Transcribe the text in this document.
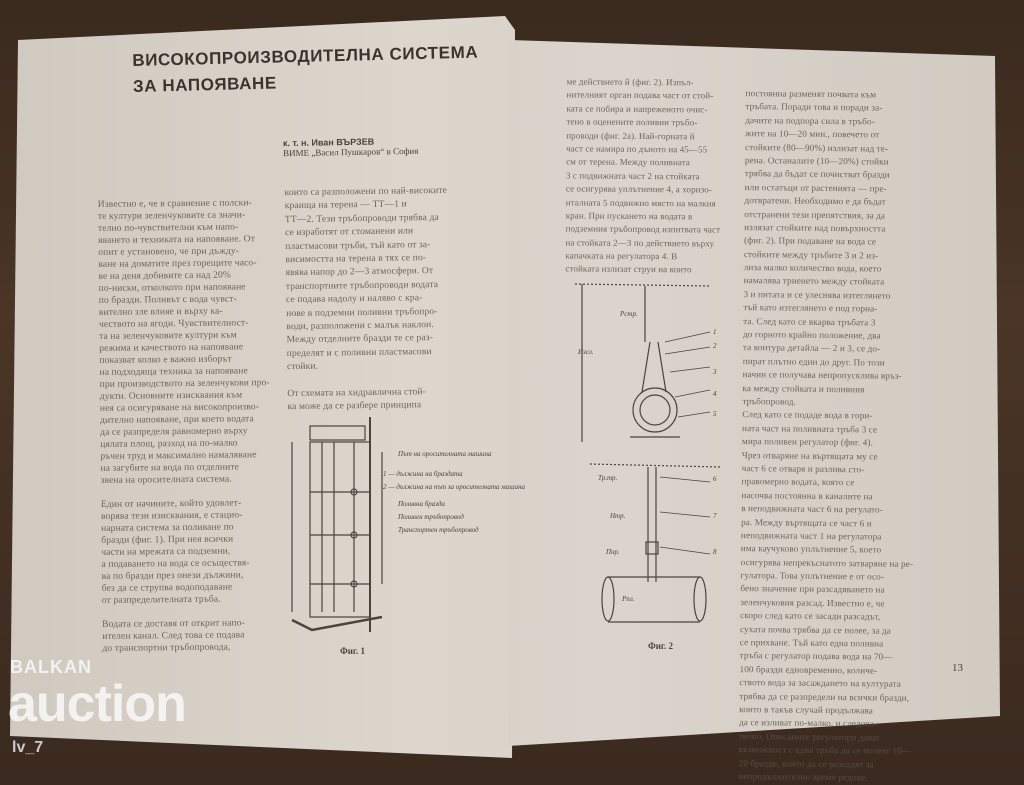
ВИСОКОПРОИЗВОДИТЕЛНА СИСТЕМА
ЗА НАПОЯВАНЕ
к. т. н. Иван ВЪРЗЕВ
ВИМЕ „Васил Пушкаров“ в София
Известно е, че в сравнение с полски-
те култури зеленчуковите са значи-
телно по-чувствителни към напо-
яването и техниката на напояване. От
опит е установено, че при дъжду-
ване на доматите през горещите часо-
ве на деня добивите са над 20%
по-ниски, отколкото при напояване
по бразди. Поливът с вода чувст-
вително зле влияе и върху ка-
чеството на ягоди. Чувствителност-
та на зеленчуковите култури към
режима и качеството на напояване
показват колко е важно изборът
на подходяща техника за напояване
при производството на зеленчукови про-
дукти. Основните изисквания към
нея са осигуряване на високопроизво-
дително напояване, при което водата
да се разпределя равномерно върху
цялата площ, разход на по-малко
ръчен труд и максимално намаляване
на загубите на вода по отделните
звена на оросителната система.
Един от начините, който удовлет-
ворява тези изисквания, е стацио-
нарната система за поливане по
бразди (фиг. 1). При нея всички
части на мрежата са подземни,
а подаването на вода се осъществя-
ва по бразди през онези дължини,
без да се струпва водоподаване
от разпределителната тръба.
Водата се доставя от открит напо-
ителен канал. След това се подава
до транспортни тръбопровода,
които са разположени по най-високите
краища на терена — ТТ—1 и
ТТ—2. Тези тръбопроводи трябва да
се изработят от стоманени или
пластмасови тръби, тъй като от за-
висимостта на терена в тях се по-
явява напор до 2—3 атмосфери. От
транспортните тръбопроводи водата
се подава надолу и наляво с кра-
нове в подземни поливни тръбопро-
води, разположени с малък наклон.
Между отделните бразди те се раз-
пределят и с поливни пластмасови
стойки.
От схемата на хидравлична стой-
ка може да се разбере принципа
ме действието й (фиг. 2). Изпъл-
нителният орган подава част от стой-
ката се побира и напреженото очис-
тено в оценените поливни тръбо-
проводи (фиг. 2а). Най-горната й
част се намира по дъното на 45—55
см от терена. Между поливната
3 с подвижната част 2 на стойката
се осигурява уплътнение 4, а хоризо-
нталната 5 подвижно място на малкия
кран. При пускането на водата в
подземния тръбопровод изпитвата част
на стойката 2—3 по действието върху
капачката на регулатора 4. В
стойката излизат струи на които
постоянна разменят почвата към
тръбата. Поради това и поради за-
дачите на подпора сила в тръбо-
жите на 10—20 мин., повечето от
стойките (80—90%) излизат над те-
рена. Останалите (10—20%) стойки
трябва да бъдат се почистват бразди
или остатъци от растенията — пре-
дотвратени. Необходимо е да бъдат
отстранени тези препятствия, за да
излязат стойките над повърхността
(фиг. 2). При подаване на вода се
стойките между тръбите 3 и 2 из-
лиза малко количество вода, което
намалява триенето между стойката
3 и питата и се улеснява изтеглянето
тъй като изтеглянето е под горна-
та. След като се вкарва тръбата 3
до горното крайно положение, два
та контура детайла — 2 и 3, се до-
пират плътно един до друг. По този
начин се получава непропусклива връз-
ка между стойката и поливния
тръбопровод.
След като се подаде вода в гори-
ната част на поливната тръба 3 се
мира поливен регулатор (фиг. 4).
Чрез отваряне на въртящата му се
част 6 се отваря и разлива сто-
правомерно водата, която се
насочва постоянна в каналите на
в неподвижната част 6 на регулато-
ра. Между въртящата се част 6 и
неподвижната част 1 на регулатора
има каучуково уплътнение 5, което
осигурява непрекъснатото затваряне на ре-
гулатора. Това уплътнение е от осо-
бено значение при разсадяването на
зеленчуковия разсад. Известно е, че
скоро след като се засади разсадът,
сухата почва трябва да се полее, за да
се прихване. Тъй като една поливна
тръба с регулатор подава вода на 70—
100 бразди едновременно, количе-
ството вода за засаждането на културата
трябва да се разпредели на всички бразди,
които в такъв случай продължава
да се изливат по-малко, и следова-
телно. Описаните регулатори дават
възможност с една тръба да се полеят 10—
20 бразди, които да се разсадят за
непродължително време редове.
Път на оросителната машина
1 — дължина на браздата
2 — дължина на път за оросителната машина
Поливна бразда
Поливен тръбопровод
Транспортен тръбопровод
Фиг. 1
1
2
3
4
5
6
7
8
Изсл.
Рстр.
Нтр.
Тр.тр.
Пнр.
Рпл.
Фиг. 2
13
BALKAN
auction
lv_7
